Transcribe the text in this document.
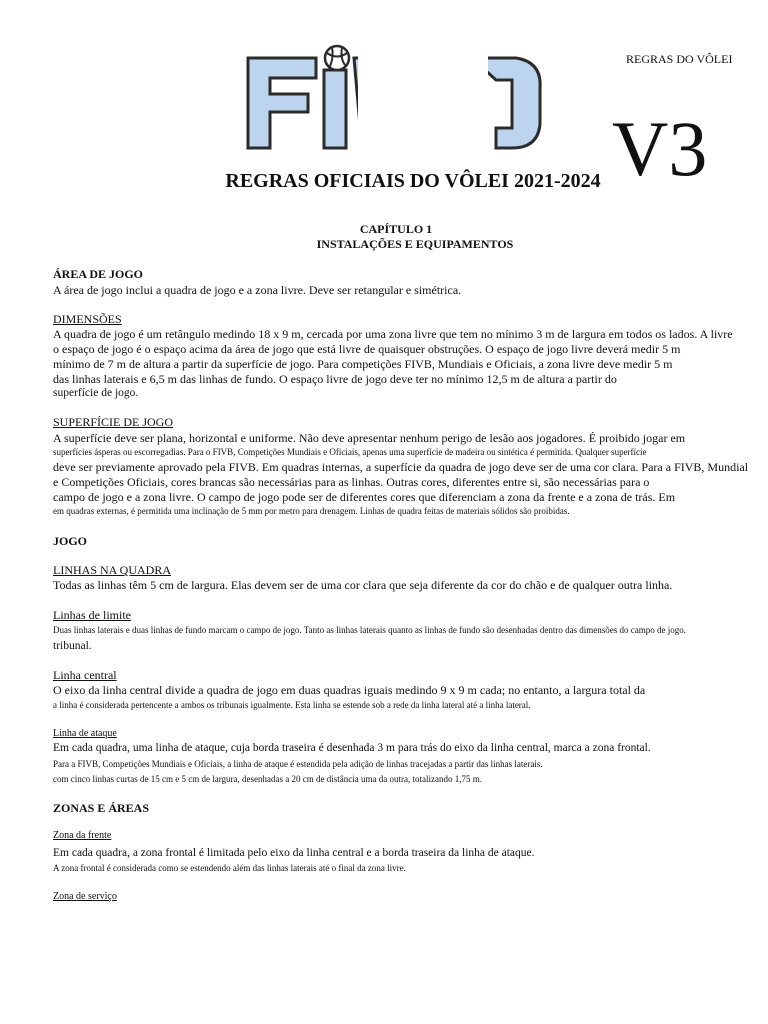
V3
REGRAS DO VÔLEI
REGRAS OFICIAIS DO VÔLEI 2021-2024
CAPÍTULO 1
INSTALAÇÕES E EQUIPAMENTOS
ÁREA DE JOGO
A área de jogo inclui a quadra de jogo e a zona livre. Deve ser retangular e simétrica.
DIMENSÕES
A quadra de jogo é um retângulo medindo 18 x 9 m, cercada por uma zona livre que tem no mínimo 3 m de largura em todos os lados. A livre
o espaço de jogo é o espaço acima da área de jogo que está livre de quaisquer obstruções. O espaço de jogo livre deverá medir 5 m
mínimo de 7 m de altura a partir da superfície de jogo. Para competições FIVB, Mundiais e Oficiais, a zona livre deve medir 5 m
das linhas laterais e 6,5 m das linhas de fundo. O espaço livre de jogo deve ter no mínimo 12,5 m de altura a partir do
superfície de jogo.
SUPERFÍCIE DE JOGO
A superfície deve ser plana, horizontal e uniforme. Não deve apresentar nenhum perigo de lesão aos jogadores. É proibido jogar em
superfícies ásperas ou escorregadias. Para o FIVB, Competições Mundiais e Oficiais, apenas uma superfície de madeira ou sintética é permitida. Qualquer superfície
deve ser previamente aprovado pela FIVB. Em quadras internas, a superfície da quadra de jogo deve ser de uma cor clara. Para a FIVB, Mundial
e Competições Oficiais, cores brancas são necessárias para as linhas. Outras cores, diferentes entre si, são necessárias para o
campo de jogo e a zona livre. O campo de jogo pode ser de diferentes cores que diferenciam a zona da frente e a zona de trás. Em
em quadras externas, é permitida uma inclinação de 5 mm por metro para drenagem. Linhas de quadra feitas de materiais sólidos são proibidas.
JOGO
LINHAS NA QUADRA
Todas as linhas têm 5 cm de largura. Elas devem ser de uma cor clara que seja diferente da cor do chão e de qualquer outra linha.
Linhas de limite
Duas linhas laterais e duas linhas de fundo marcam o campo de jogo. Tanto as linhas laterais quanto as linhas de fundo são desenhadas dentro das dimensões do campo de jogo.
tribunal.
Linha central
O eixo da linha central divide a quadra de jogo em duas quadras iguais medindo 9 x 9 m cada; no entanto, a largura total da
a linha é considerada pertencente a ambos os tribunais igualmente. Esta linha se estende sob a rede da linha lateral até a linha lateral.
Linha de ataque
Em cada quadra, uma linha de ataque, cuja borda traseira é desenhada 3 m para trás do eixo da linha central, marca a zona frontal.
Para a FIVB, Competições Mundiais e Oficiais, a linha de ataque é estendida pela adição de linhas tracejadas a partir das linhas laterais.
com cinco linhas curtas de 15 cm e 5 cm de largura, desenhadas a 20 cm de distância uma da outra, totalizando 1,75 m.
ZONAS E ÁREAS
Zona da frente
Em cada quadra, a zona frontal é limitada pelo eixo da linha central e a borda traseira da linha de ataque.
A zona frontal é considerada como se estendendo além das linhas laterais até o final da zona livre.
Zona de serviço
